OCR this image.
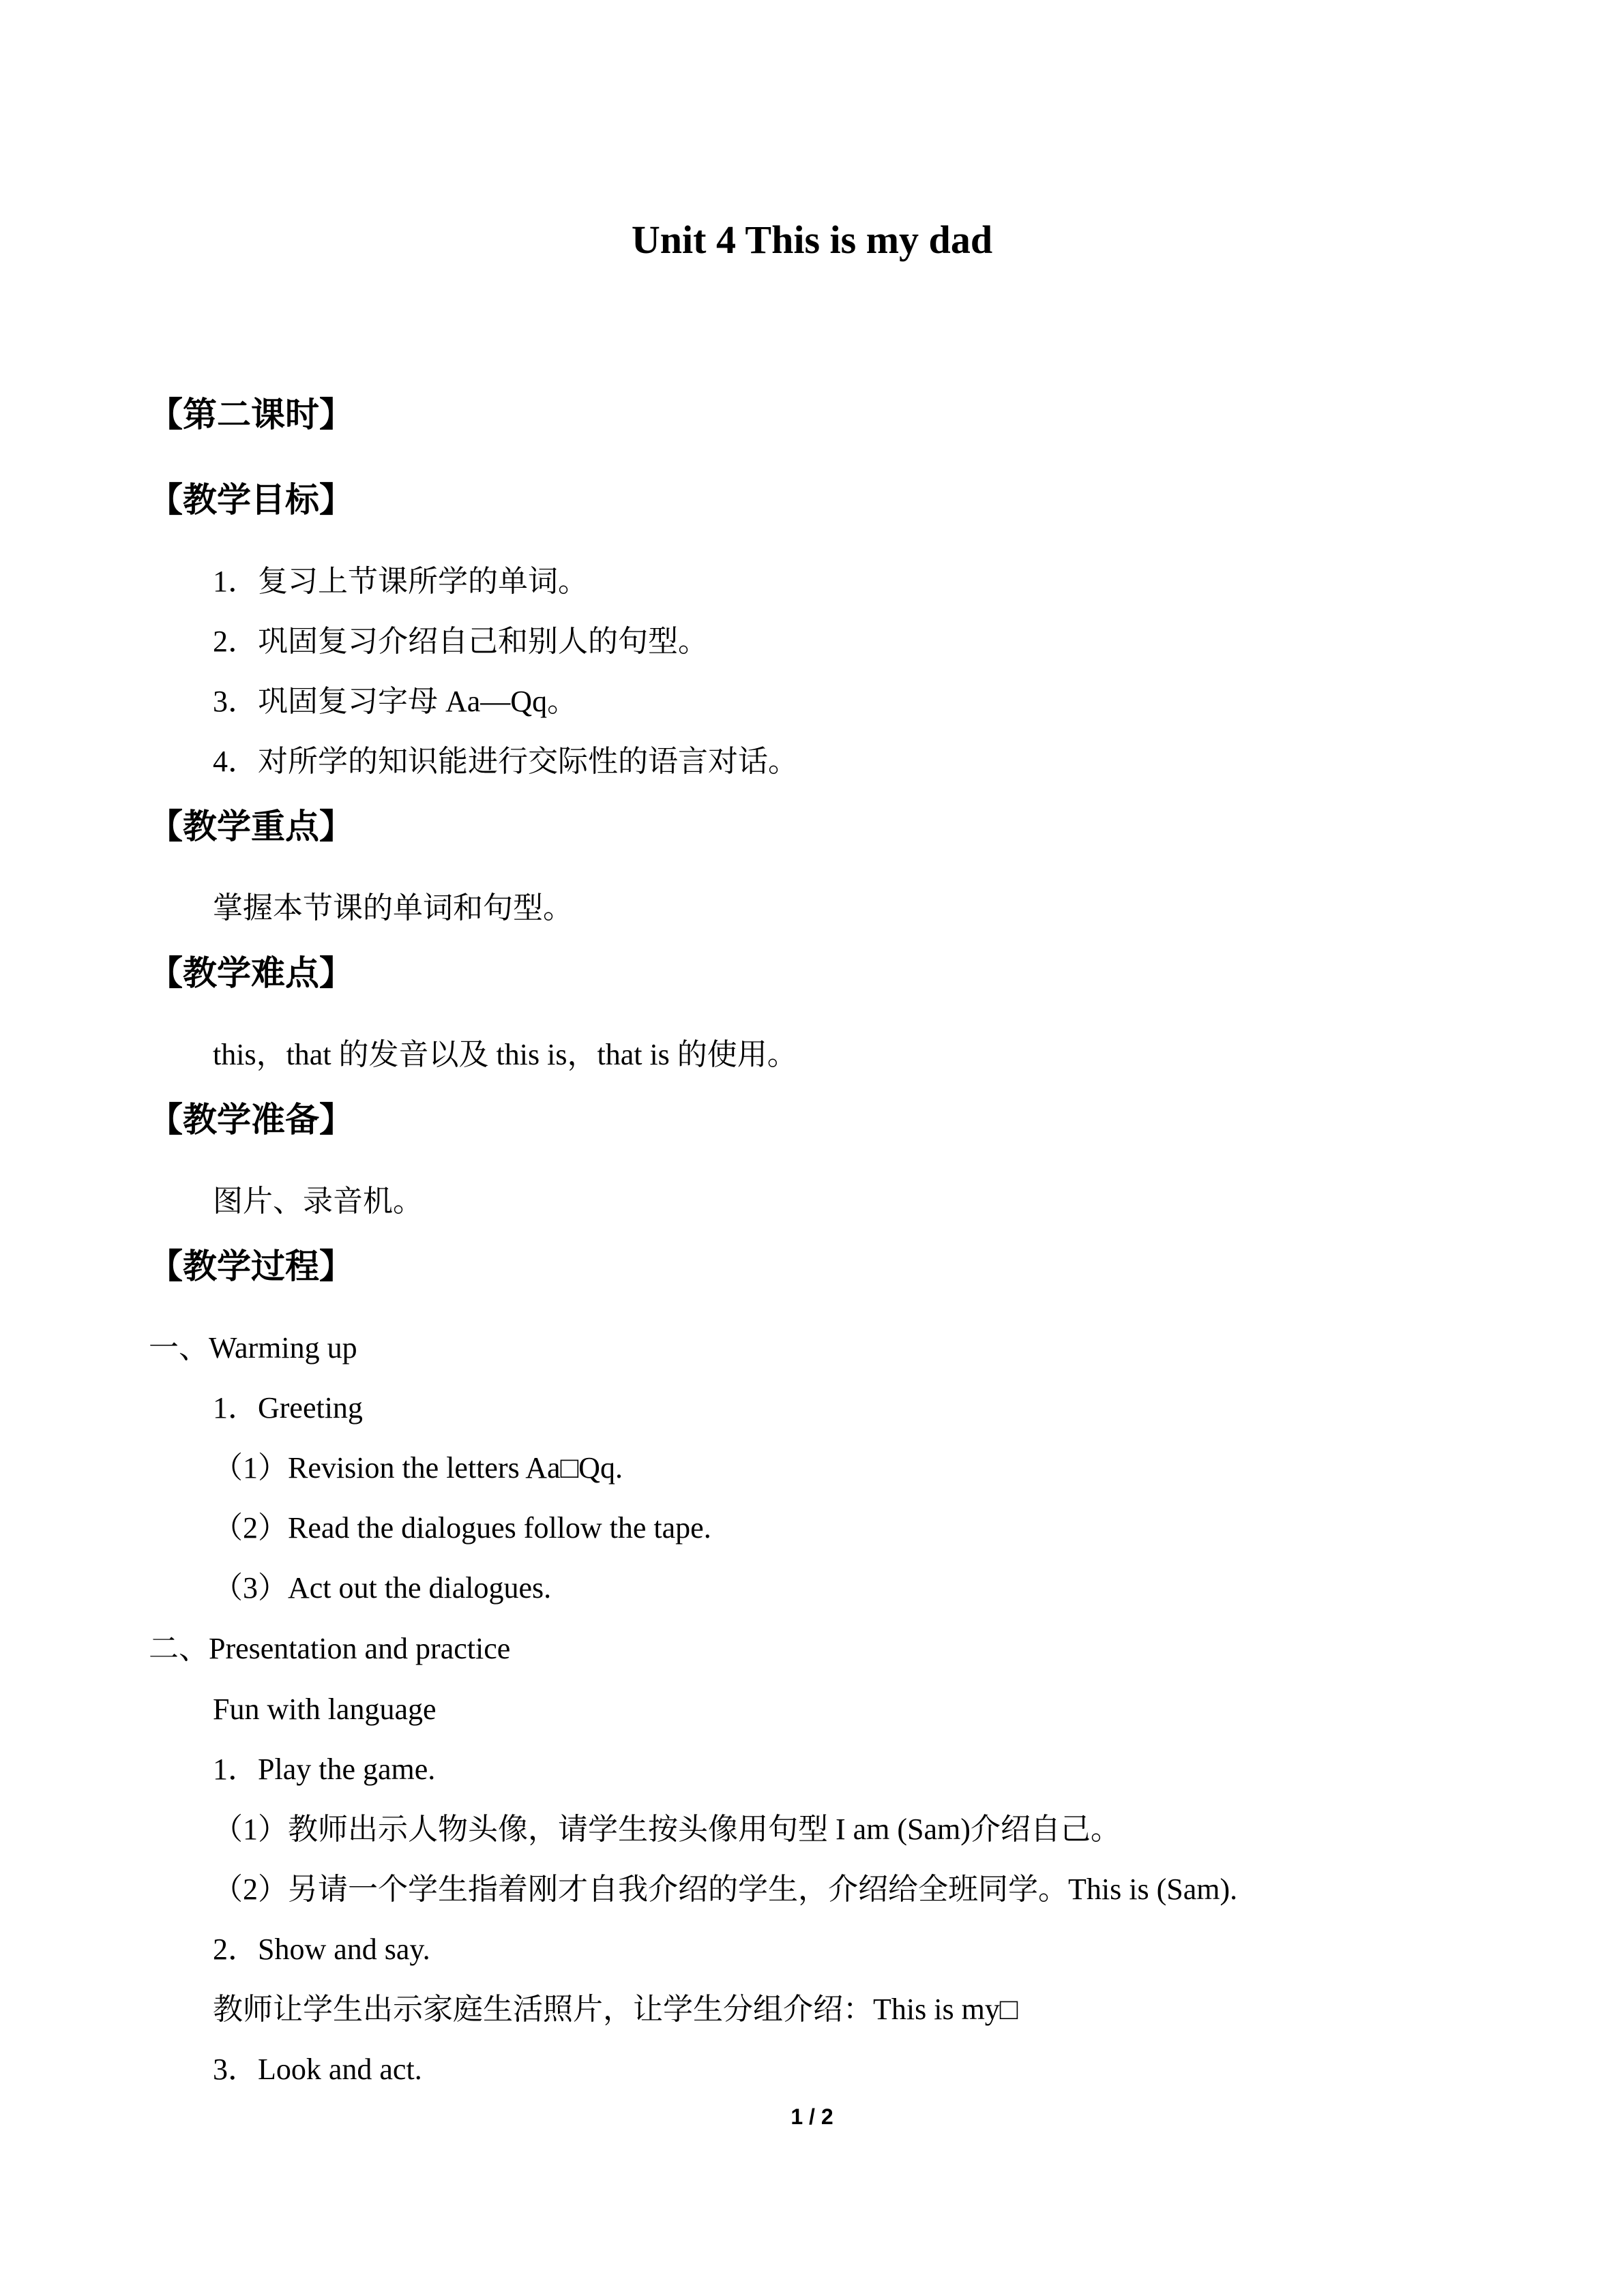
Unit 4 This is my dad
【第二课时】
【教学目标】
1．复习上节课所学的单词。
2．巩固复习介绍自己和别人的句型。
3．巩固复习字母 Aa—Qq。
4．对所学的知识能进行交际性的语言对话。
【教学重点】
掌握本节课的单词和句型。
【教学难点】
this，that 的发音以及 this is，that is 的使用。
【教学准备】
图片、录音机。
【教学过程】
一、Warming up
1．Greeting
（1）Revision the letters Aa□Qq.
（2）Read the dialogues follow the tape.
（3）Act out the dialogues.
二、Presentation and practice
Fun with language
1．Play the game.
（1）教师出示人物头像，请学生按头像用句型 I am (Sam)介绍自己。
（2）另请一个学生指着刚才自我介绍的学生，介绍给全班同学。This is (Sam).
2．Show and say.
教师让学生出示家庭生活照片，让学生分组介绍：This is my□
3．Look and act.
1 / 2
